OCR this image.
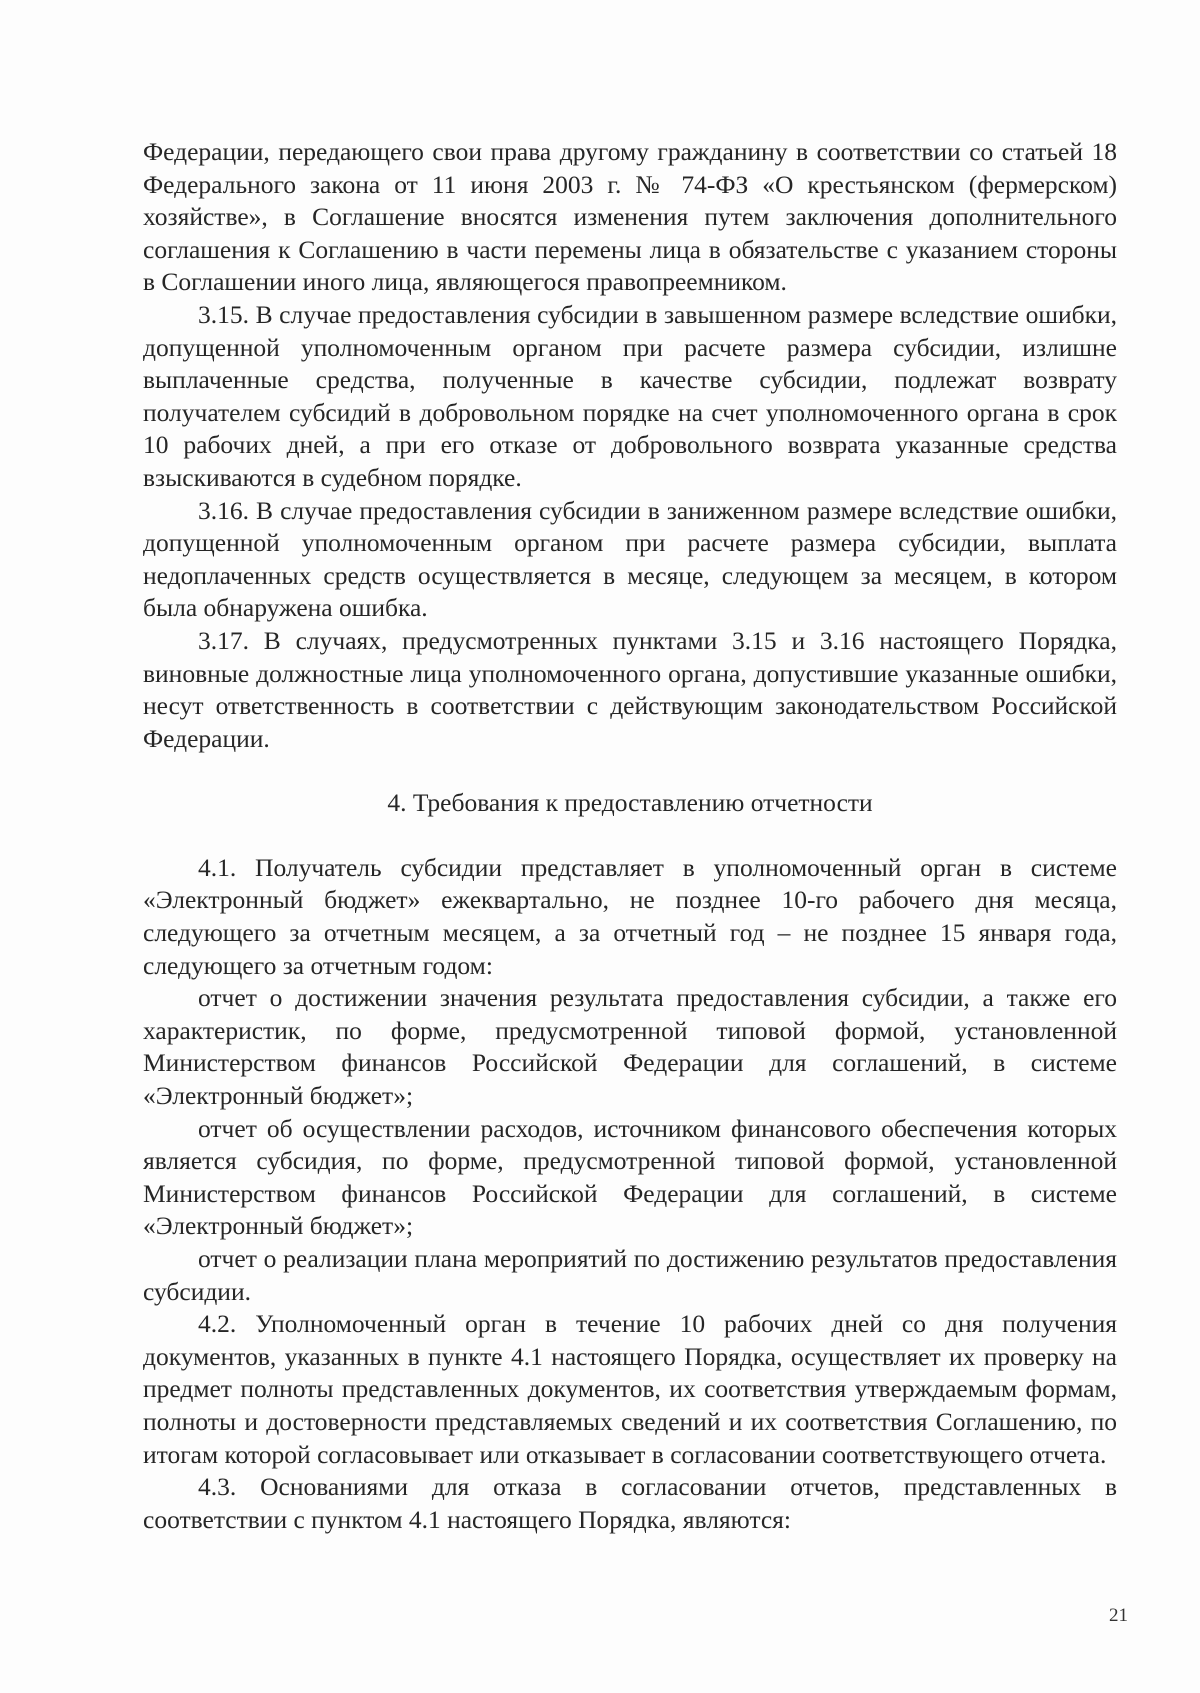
Федерации, передающего свои права другому гражданину в соответствии со статьей 18 Федерального закона от 11 июня 2003 г. № 74-ФЗ «О крестьянском (фермерском) хозяйстве», в Соглашение вносятся изменения путем заключения дополнительного соглашения к Соглашению в части перемены лица в обязательстве с указанием стороны в Соглашении иного лица, являющегося правопреемником.

3.15. В случае предоставления субсидии в завышенном размере вследствие ошибки, допущенной уполномоченным органом при расчете размера субсидии, излишне выплаченные средства, полученные в качестве субсидии, подлежат возврату получателем субсидий в добровольном порядке на счет уполномоченного органа в срок 10 рабочих дней, а при его отказе от добровольного возврата указанные средства взыскиваются в судебном порядке.

3.16. В случае предоставления субсидии в заниженном размере вследствие ошибки, допущенной уполномоченным органом при расчете размера субсидии, выплата недоплаченных средств осуществляется в месяце, следующем за месяцем, в котором была обнаружена ошибка.

3.17. В случаях, предусмотренных пунктами 3.15 и 3.16 настоящего Порядка, виновные должностные лица уполномоченного органа, допустившие указанные ошибки, несут ответственность в соответствии с действующим законодательством Российской Федерации.

4. Требования к предоставлению отчетности

4.1. Получатель субсидии представляет в уполномоченный орган в системе «Электронный бюджет» ежеквартально, не позднее 10-го рабочего дня месяца, следующего за отчетным месяцем, а за отчетный год – не позднее 15 января года, следующего за отчетным годом:

отчет о достижении значения результата предоставления субсидии, а также его характеристик, по форме, предусмотренной типовой формой, установленной Министерством финансов Российской Федерации для соглашений, в системе «Электронный бюджет»;

отчет об осуществлении расходов, источником финансового обеспечения которых является субсидия, по форме, предусмотренной типовой формой, установленной Министерством финансов Российской Федерации для соглашений, в системе «Электронный бюджет»;

отчет о реализации плана мероприятий по достижению результатов предоставления субсидии.

4.2. Уполномоченный орган в течение 10 рабочих дней со дня получения документов, указанных в пункте 4.1 настоящего Порядка, осуществляет их проверку на предмет полноты представленных документов, их соответствия утверждаемым формам, полноты и достоверности представляемых сведений и их соответствия Соглашению, по итогам которой согласовывает или отказывает в согласовании соответствующего отчета.

4.3. Основаниями для отказа в согласовании отчетов, представленных в соответствии с пунктом 4.1 настоящего Порядка, являются:

21
